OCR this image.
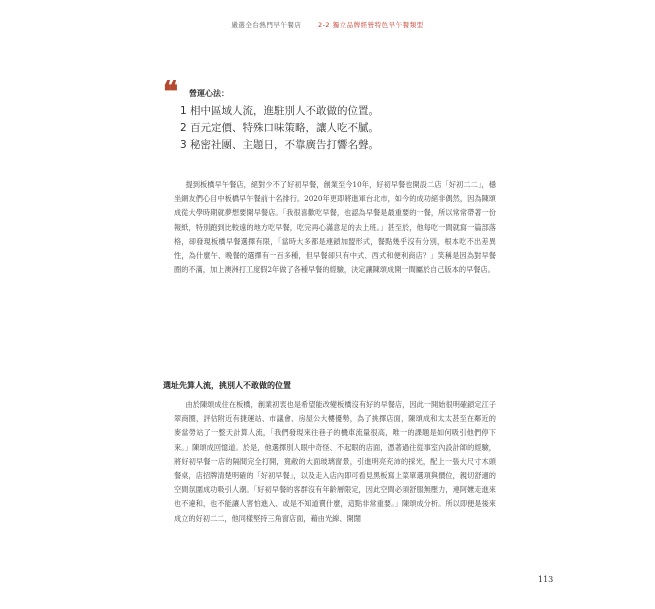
嚴選全台熱門早午餐店	2-2 獨立品牌經營特色早午餐類型
❝ 營運心法：
1 相中區域人流，進駐別人不敢做的位置。
2 百元定價、特殊口味策略，讓人吃不膩。
3 秘密社團、主題日，不靠廣告打響名聲。

提到板橋早午餐店，絕對少不了好初早餐，創業至今10年，好初早餐也開設二店「好初二二」，穩坐網友們心目中板橋早午餐前十名排行。2020年更即將進軍台北市，如今的成功絕非偶然，因為陳頌成從大學時期就夢想要開早餐店。「我很喜歡吃早餐，也認為早餐是最重要的一餐，所以常常帶著一份報紙，特別跑到比較遠的地方吃早餐，吃完再心滿意足的去上班。」甚至於，他每吃一間就寫一篇部落格，卻發現板橋早餐選擇有限，「當時大多都是連鎖加盟形式，餐點幾乎沒有分別，根本吃不出差異性，為什麼午、晚餐的選擇有一百多種，但早餐卻只有中式、西式和便利商店？」笑稱是因為對早餐圈的不滿，加上澳洲打工度假2年做了各種早餐的經驗，決定讓陳頌成開一間屬於自己版本的早餐店。

選址先算人流，挑別人不敢做的位置

由於陳頌成住在板橋，創業初衷也是希望能改變板橋沒有好的早餐店，因此一開始很明確鎖定江子翠商圈，評估附近有捷運站、市議會、房屋公大樓優勢，為了挑擇店面，陳頌成和太太甚至在鄰近的麥當勞站了一整天計算人流，「我們發現來往巷子的機車流量很高，唯一的課題是如何吸引他們停下來。」陳頌成回憶道。於是，他選擇別人眼中奇怪、不起眼的店面，憑著過往從事室內設計師的經驗，將好初早餐一店的隔間完全打開，寬敞的大面玻璃窗景，引進明亮充沛的採光，配上一張大尺寸木頭餐桌，店招牌清楚明確的「好初早餐」，以及走入店內即可看見黑板寫上菜單選項與價位，親切舒適的空間氛圍成功吸引人潮。「好初早餐的客群沒有年齡層限定，因此空間必須舒服無壓力，連阿嬤走進來也不違和，也不能讓人害怕進入、或是不知道賣什麼，這點非常重要。」陳頌成分析。所以即便是後來成立的好初二二，他同樣堅持三角窗店面，藉由光線、開闊

113
